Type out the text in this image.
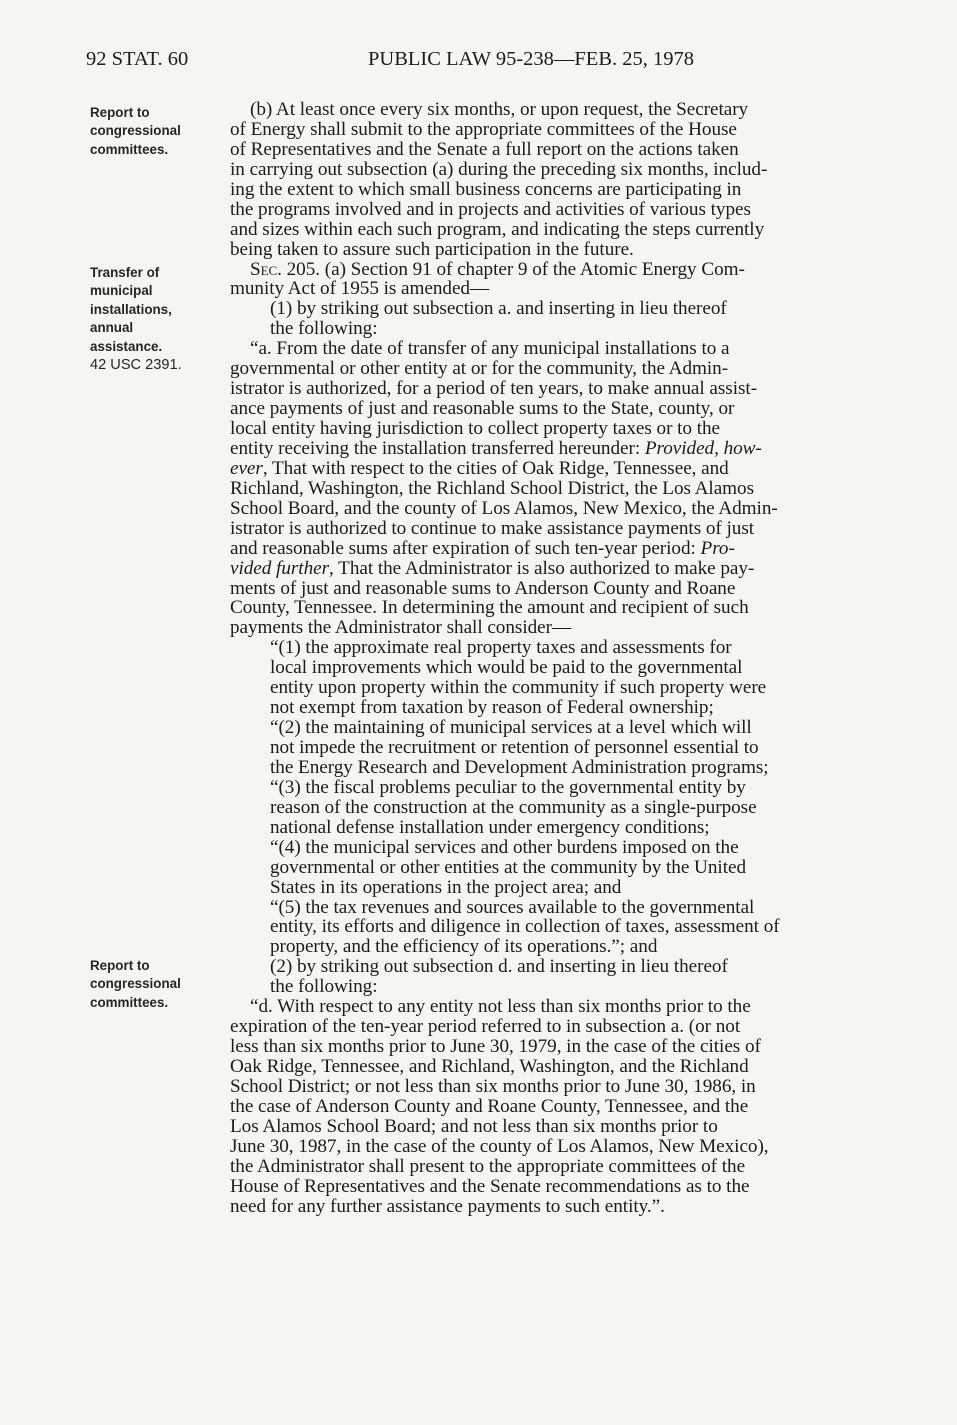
92 STAT. 60	PUBLIC LAW 95-238—FEB. 25, 1978
Report to
congressional
committees.
Transfer of
municipal
installations,
annual
assistance.
42 USC 2391.
Report to
congressional
committees.
(b) At least once every six months, or upon request, the Secretary
of Energy shall submit to the appropriate committees of the House
of Representatives and the Senate a full report on the actions taken
in carrying out subsection (a) during the preceding six months, includ-
ing the extent to which small business concerns are participating in
the programs involved and in projects and activities of various types
and sizes within each such program, and indicating the steps currently
being taken to assure such participation in the future.
Sec. 205. (a) Section 91 of chapter 9 of the Atomic Energy Com-
munity Act of 1955 is amended—
(1) by striking out subsection a. and inserting in lieu thereof
the following:
“a. From the date of transfer of any municipal installations to a
governmental or other entity at or for the community, the Admin-
istrator is authorized, for a period of ten years, to make annual assist-
ance payments of just and reasonable sums to the State, county, or
local entity having jurisdiction to collect property taxes or to the
entity receiving the installation transferred hereunder: Provided, how-
ever, That with respect to the cities of Oak Ridge, Tennessee, and
Richland, Washington, the Richland School District, the Los Alamos
School Board, and the county of Los Alamos, New Mexico, the Admin-
istrator is authorized to continue to make assistance payments of just
and reasonable sums after expiration of such ten-year period: Pro-
vided further, That the Administrator is also authorized to make pay-
ments of just and reasonable sums to Anderson County and Roane
County, Tennessee. In determining the amount and recipient of such
payments the Administrator shall consider—
“(1) the approximate real property taxes and assessments for
local improvements which would be paid to the governmental
entity upon property within the community if such property were
not exempt from taxation by reason of Federal ownership;
“(2) the maintaining of municipal services at a level which will
not impede the recruitment or retention of personnel essential to
the Energy Research and Development Administration programs;
“(3) the fiscal problems peculiar to the governmental entity by
reason of the construction at the community as a single-purpose
national defense installation under emergency conditions;
“(4) the municipal services and other burdens imposed on the
governmental or other entities at the community by the United
States in its operations in the project area; and
“(5) the tax revenues and sources available to the governmental
entity, its efforts and diligence in collection of taxes, assessment of
property, and the efficiency of its operations.”; and
(2) by striking out subsection d. and inserting in lieu thereof
the following:
“d. With respect to any entity not less than six months prior to the
expiration of the ten-year period referred to in subsection a. (or not
less than six months prior to June 30, 1979, in the case of the cities of
Oak Ridge, Tennessee, and Richland, Washington, and the Richland
School District; or not less than six months prior to June 30, 1986, in
the case of Anderson County and Roane County, Tennessee, and the
Los Alamos School Board; and not less than six months prior to
June 30, 1987, in the case of the county of Los Alamos, New Mexico),
the Administrator shall present to the appropriate committees of the
House of Representatives and the Senate recommendations as to the
need for any further assistance payments to such entity.”.
